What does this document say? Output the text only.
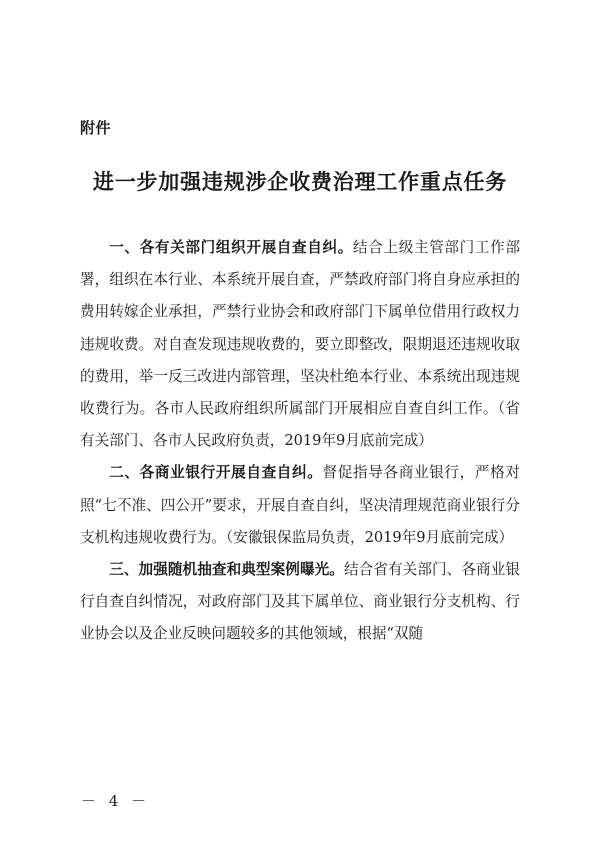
附件
进一步加强违规涉企收费治理工作重点任务

一、各有关部门组织开展自查自纠。结合上级主管部门工作部署，组织在本行业、本系统开展自查，严禁政府部门将自身应承担的费用转嫁企业承担，严禁行业协会和政府部门下属单位借用行政权力违规收费。对自查发现违规收费的，要立即整改，限期退还违规收取的费用，举一反三改进内部管理，坚决杜绝本行业、本系统出现违规收费行为。各市人民政府组织所属部门开展相应自查自纠工作。（省有关部门、各市人民政府负责，2019年9月底前完成）

二、各商业银行开展自查自纠。督促指导各商业银行，严格对照“七不准、四公开”要求，开展自查自纠，坚决清理规范商业银行分支机构违规收费行为。（安徽银保监局负责，2019年9月底前完成）

三、加强随机抽查和典型案例曝光。结合省有关部门、各商业银行自查自纠情况，对政府部门及其下属单位、商业银行分支机构、行业协会以及企业反映问题较多的其他领域，根据“双随

－ 4 －
